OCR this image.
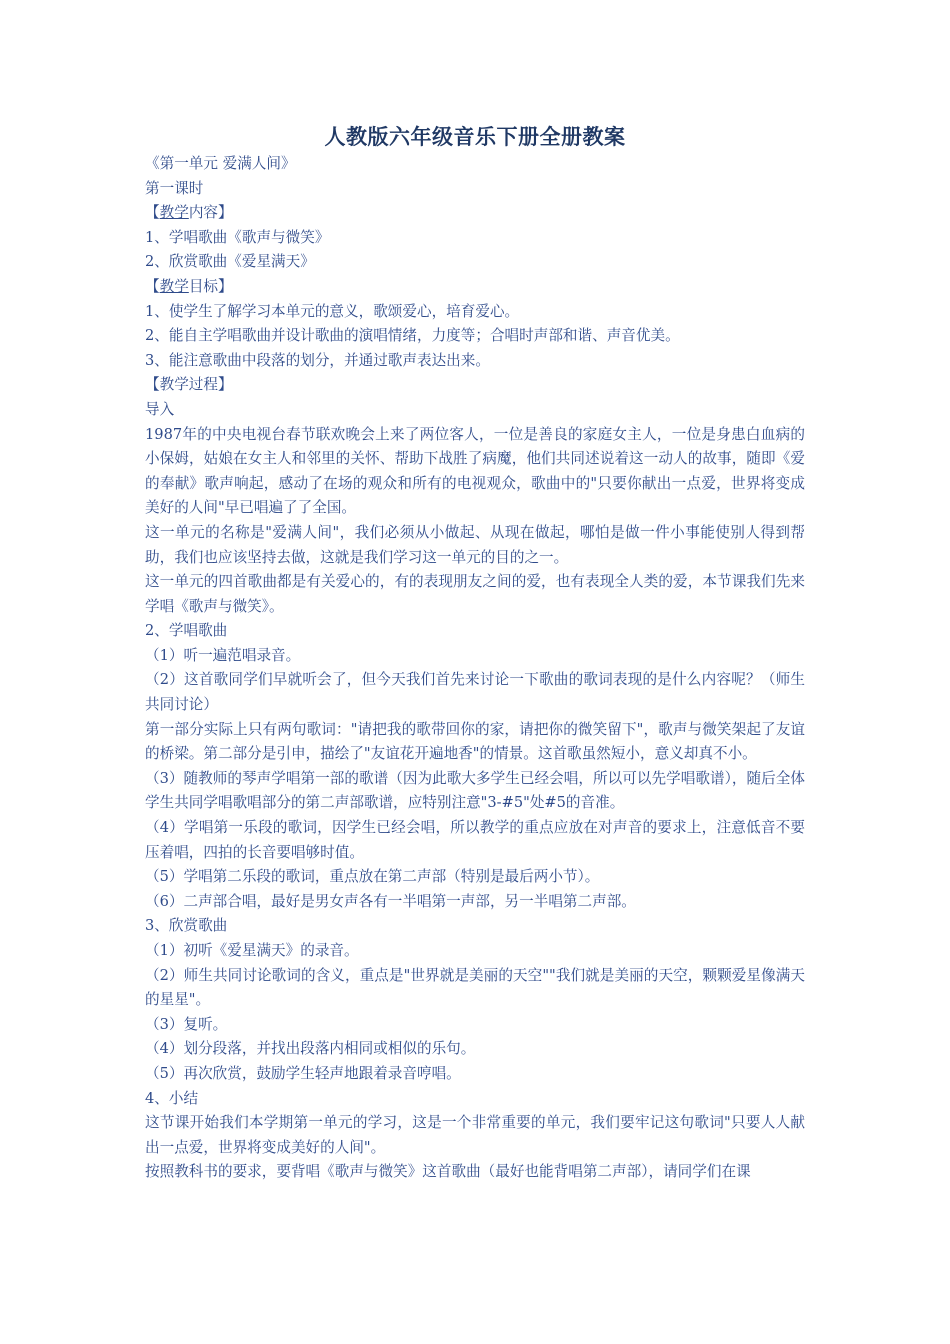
人教版六年级音乐下册全册教案

《第一单元 爱满人间》

第一课时

【教学内容】

1、学唱歌曲《歌声与微笑》

2、欣赏歌曲《爱星满天》

【教学目标】

1、使学生了解学习本单元的意义，歌颂爱心，培育爱心。

2、能自主学唱歌曲并设计歌曲的演唱情绪，力度等；合唱时声部和谐、声音优美。

3、能注意歌曲中段落的划分，并通过歌声表达出来。

【教学过程】

导入

1987年的中央电视台春节联欢晚会上来了两位客人，一位是善良的家庭女主人，一位是身患白血病的小保姆，姑娘在女主人和邻里的关怀、帮助下战胜了病魔，他们共同述说着这一动人的故事，随即《爱的奉献》歌声响起，感动了在场的观众和所有的电视观众，歌曲中的"只要你献出一点爱，世界将变成美好的人间"早已唱遍了了全国。

这一单元的名称是"爱满人间"，我们必须从小做起、从现在做起，哪怕是做一件小事能使别人得到帮助，我们也应该坚持去做，这就是我们学习这一单元的目的之一。

这一单元的四首歌曲都是有关爱心的，有的表现朋友之间的爱，也有表现全人类的爱，本节课我们先来学唱《歌声与微笑》。

2、学唱歌曲

（1）听一遍范唱录音。

（2）这首歌同学们早就听会了，但今天我们首先来讨论一下歌曲的歌词表现的是什么内容呢？（师生共同讨论）

第一部分实际上只有两句歌词："请把我的歌带回你的家，请把你的微笑留下"，歌声与微笑架起了友谊的桥梁。第二部分是引申，描绘了"友谊花开遍地香"的情景。这首歌虽然短小，意义却真不小。

（3）随教师的琴声学唱第一部的歌谱（因为此歌大多学生已经会唱，所以可以先学唱歌谱），随后全体学生共同学唱歌唱部分的第二声部歌谱，应特别注意"3-#5"处#5的音准。

（4）学唱第一乐段的歌词，因学生已经会唱，所以教学的重点应放在对声音的要求上，注意低音不要压着唱，四拍的长音要唱够时值。

（5）学唱第二乐段的歌词，重点放在第二声部（特别是最后两小节）。

（6）二声部合唱，最好是男女声各有一半唱第一声部，另一半唱第二声部。

3、欣赏歌曲

（1）初听《爱星满天》的录音。

（2）师生共同讨论歌词的含义，重点是"世界就是美丽的天空""我们就是美丽的天空，颗颗爱星像满天的星星"。

（3）复听。

（4）划分段落，并找出段落内相同或相似的乐句。

（5）再次欣赏，鼓励学生轻声地跟着录音哼唱。

4、小结

这节课开始我们本学期第一单元的学习，这是一个非常重要的单元，我们要牢记这句歌词"只要人人献出一点爱，世界将变成美好的人间"。

按照教科书的要求，要背唱《歌声与微笑》这首歌曲（最好也能背唱第二声部），请同学们在课
